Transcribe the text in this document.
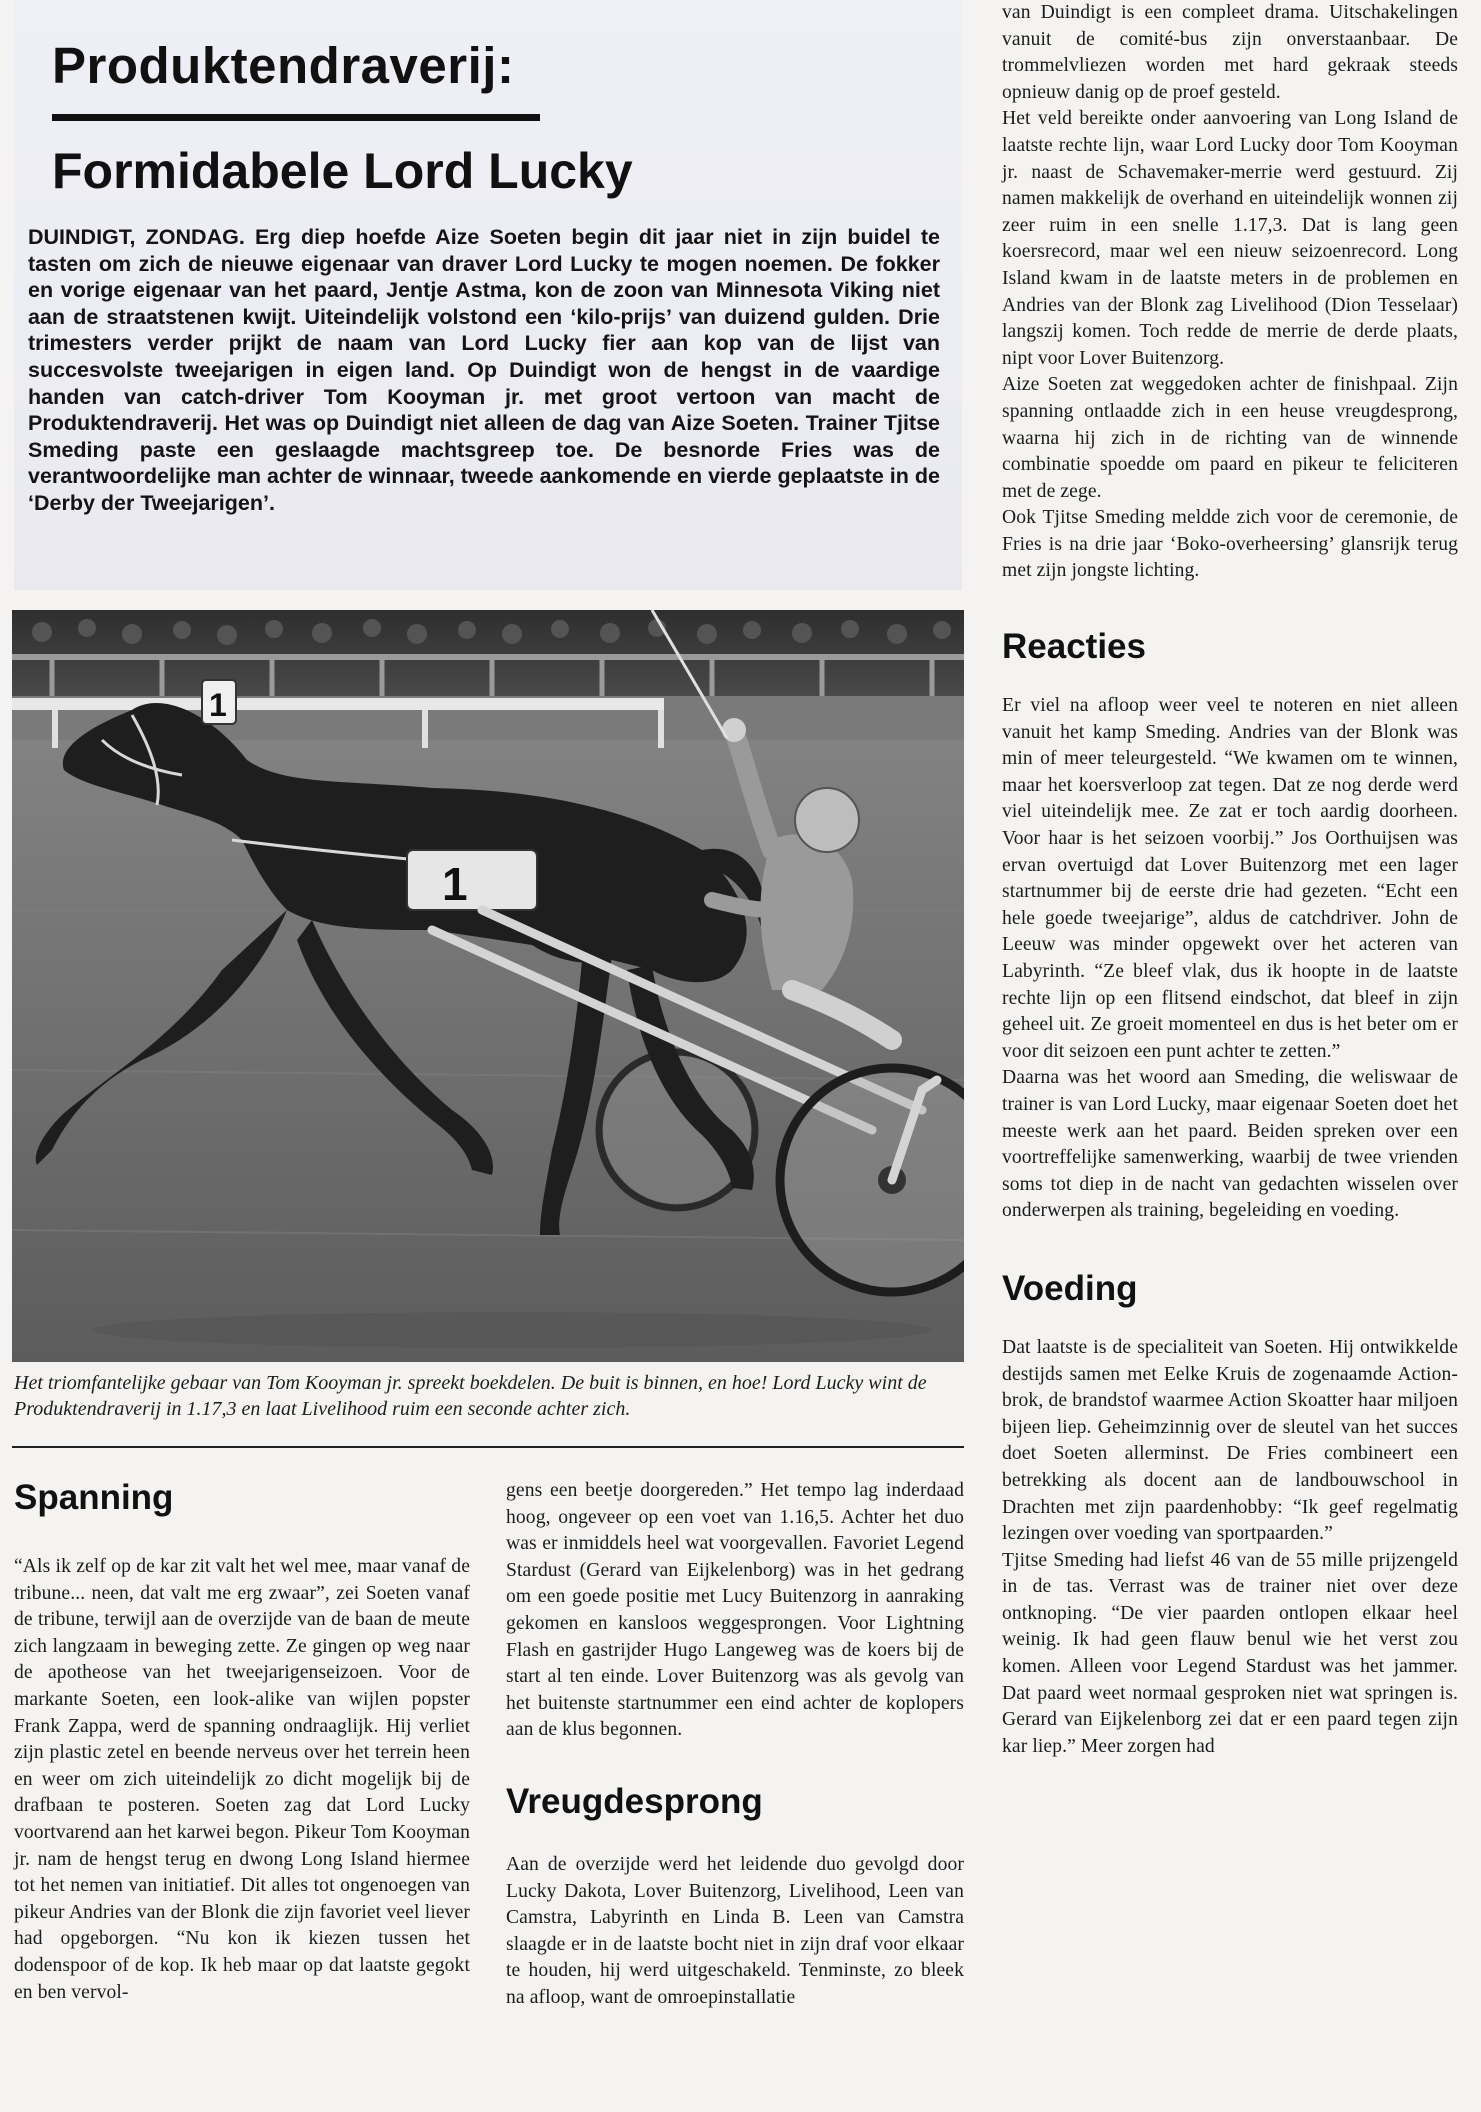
Produktendraverij:
Formidabele Lord Lucky

DUINDIGT, ZONDAG. Erg diep hoefde Aize Soeten begin dit jaar niet in zijn buidel te tasten om zich de nieuwe eigenaar van draver Lord Lucky te mogen noemen. De fokker en vorige eigenaar van het paard, Jentje Astma, kon de zoon van Minnesota Viking niet aan de straatstenen kwijt. Uiteindelijk volstond een ‘kilo-prijs’ van duizend gulden. Drie trimesters verder prijkt de naam van Lord Lucky fier aan kop van de lijst van succesvolste tweejarigen in eigen land. Op Duindigt won de hengst in de vaardige handen van catch-driver Tom Kooyman jr. met groot vertoon van macht de Produktendraverij. Het was op Duindigt niet alleen de dag van Aize Soeten. Trainer Tjitse Smeding paste een geslaagde machtsgreep toe. De besnorde Fries was de verantwoordelijke man achter de winnaar, tweede aankomende en vierde geplaatste in de ‘Derby der Tweejarigen’.

1
1

Het triomfantelijke gebaar van Tom Kooyman jr. spreekt boekdelen. De buit is binnen, en hoe! Lord Lucky wint de Produktendraverij in 1.17,3 en laat Livelihood ruim een seconde achter zich.

Spanning

“Als ik zelf op de kar zit valt het wel mee, maar vanaf de tribune... neen, dat valt me erg zwaar”, zei Soeten vanaf de tribune, terwijl aan de overzijde van de baan de meute zich langzaam in beweging zette. Ze gingen op weg naar de apotheose van het tweejarigenseizoen. Voor de markante Soeten, een look-alike van wijlen popster Frank Zappa, werd de spanning ondraaglijk. Hij verliet zijn plastic zetel en beende nerveus over het terrein heen en weer om zich uiteindelijk zo dicht mogelijk bij de drafbaan te posteren. Soeten zag dat Lord Lucky voortvarend aan het karwei begon. Pikeur Tom Kooyman jr. nam de hengst terug en dwong Long Island hiermee tot het nemen van initiatief. Dit alles tot ongenoegen van pikeur Andries van der Blonk die zijn favoriet veel liever had opgeborgen. “Nu kon ik kiezen tussen het dodenspoor of de kop. Ik heb maar op dat laatste gegokt en ben vervol-

gens een beetje doorgereden.” Het tempo lag inderdaad hoog, ongeveer op een voet van 1.16,5. Achter het duo was er inmiddels heel wat voorgevallen. Favoriet Legend Stardust (Gerard van Eijkelenborg) was in het gedrang om een goede positie met Lucy Buitenzorg in aanraking gekomen en kansloos weggesprongen. Voor Lightning Flash en gastrijder Hugo Langeweg was de koers bij de start al ten einde. Lover Buitenzorg was als gevolg van het buitenste startnummer een eind achter de koplopers aan de klus begonnen.

Vreugdesprong

Aan de overzijde werd het leidende duo gevolgd door Lucky Dakota, Lover Buitenzorg, Livelihood, Leen van Camstra, Labyrinth en Linda B. Leen van Camstra slaagde er in de laatste bocht niet in zijn draf voor elkaar te houden, hij werd uitgeschakeld. Tenminste, zo bleek na afloop, want de omroepinstallatie

van Duindigt is een compleet drama. Uitschakelingen vanuit de comité-bus zijn onverstaanbaar. De trommelvliezen worden met hard gekraak steeds opnieuw danig op de proef gesteld.

Het veld bereikte onder aanvoering van Long Island de laatste rechte lijn, waar Lord Lucky door Tom Kooyman jr. naast de Schavemaker-merrie werd gestuurd. Zij namen makkelijk de overhand en uiteindelijk wonnen zij zeer ruim in een snelle 1.17,3. Dat is lang geen koersrecord, maar wel een nieuw seizoenrecord. Long Island kwam in de laatste meters in de problemen en Andries van der Blonk zag Livelihood (Dion Tesselaar) langszij komen. Toch redde de merrie de derde plaats, nipt voor Lover Buitenzorg.

Aize Soeten zat weggedoken achter de finishpaal. Zijn spanning ontlaadde zich in een heuse vreugdesprong, waarna hij zich in de richting van de winnende combinatie spoedde om paard en pikeur te feliciteren met de zege.

Ook Tjitse Smeding meldde zich voor de ceremonie, de Fries is na drie jaar ‘Boko-overheersing’ glansrijk terug met zijn jongste lichting.

Reacties

Er viel na afloop weer veel te noteren en niet alleen vanuit het kamp Smeding. Andries van der Blonk was min of meer teleurgesteld. “We kwamen om te winnen, maar het koersverloop zat tegen. Dat ze nog derde werd viel uiteindelijk mee. Ze zat er toch aardig doorheen. Voor haar is het seizoen voorbij.” Jos Oorthuijsen was ervan overtuigd dat Lover Buitenzorg met een lager startnummer bij de eerste drie had gezeten. “Echt een hele goede tweejarige”, aldus de catchdriver. John de Leeuw was minder opgewekt over het acteren van Labyrinth. “Ze bleef vlak, dus ik hoopte in de laatste rechte lijn op een flitsend eindschot, dat bleef in zijn geheel uit. Ze groeit momenteel en dus is het beter om er voor dit seizoen een punt achter te zetten.”

Daarna was het woord aan Smeding, die weliswaar de trainer is van Lord Lucky, maar eigenaar Soeten doet het meeste werk aan het paard. Beiden spreken over een voortreffelijke samenwerking, waarbij de twee vrienden soms tot diep in de nacht van gedachten wisselen over onderwerpen als training, begeleiding en voeding.

Voeding

Dat laatste is de specialiteit van Soeten. Hij ontwikkelde destijds samen met Eelke Kruis de zogenaamde Action-brok, de brandstof waarmee Action Skoatter haar miljoen bijeen liep. Geheimzinnig over de sleutel van het succes doet Soeten allerminst. De Fries combineert een betrekking als docent aan de landbouwschool in Drachten met zijn paardenhobby: “Ik geef regelmatig lezingen over voeding van sportpaarden.”

Tjitse Smeding had liefst 46 van de 55 mille prijzengeld in de tas. Verrast was de trainer niet over deze ontknoping. “De vier paarden ontlopen elkaar heel weinig. Ik had geen flauw benul wie het verst zou komen. Alleen voor Legend Stardust was het jammer. Dat paard weet normaal gesproken niet wat springen is. Gerard van Eijkelenborg zei dat er een paard tegen zijn kar liep.” Meer zorgen had
